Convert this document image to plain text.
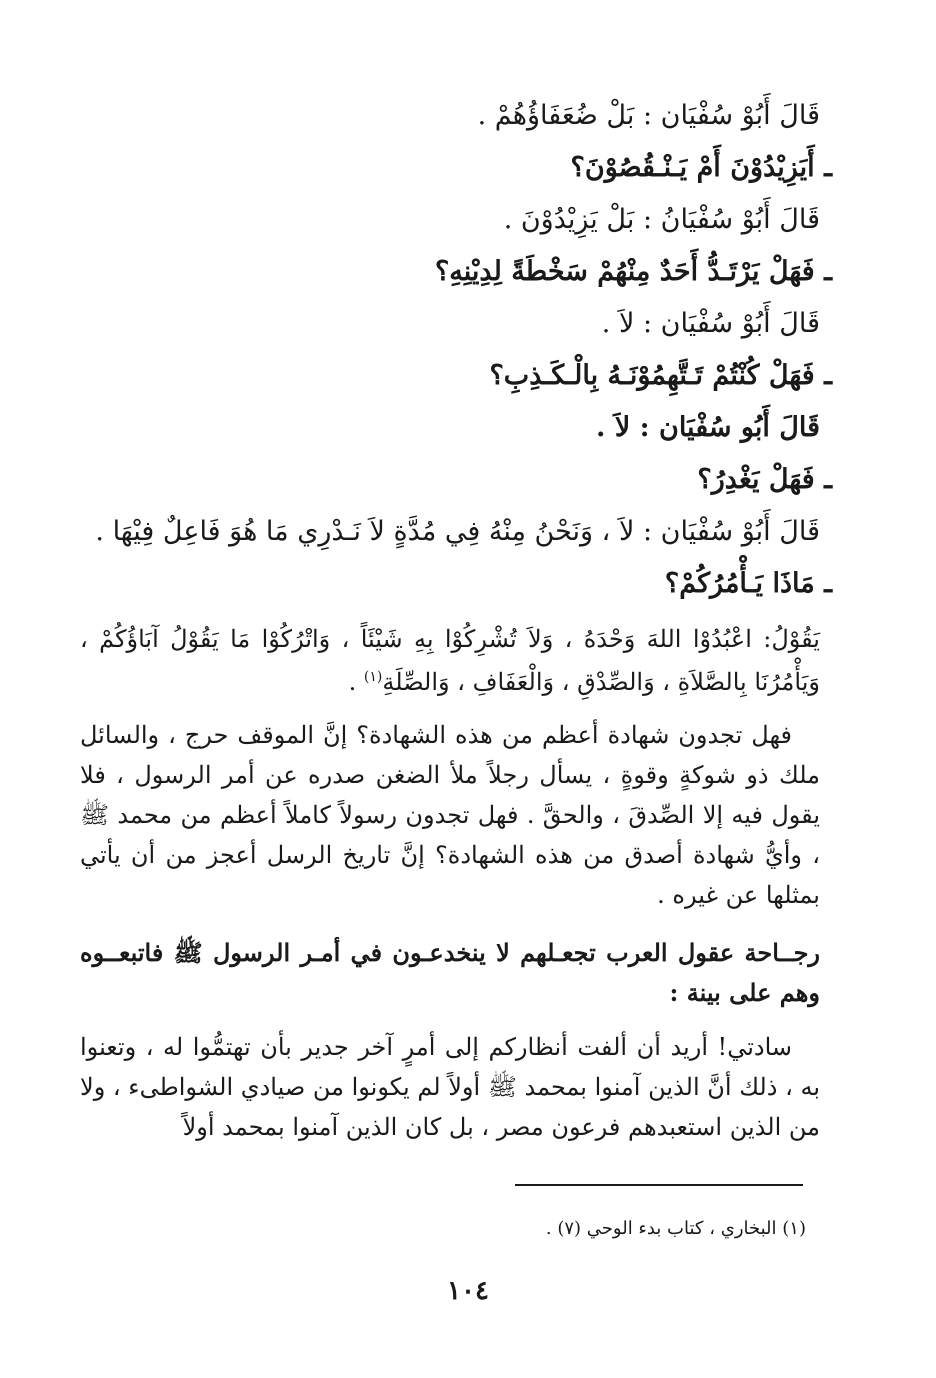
قَالَ أَبُوْ سُفْيَان : بَلْ ضُعَفَاؤُهُمْ .

ـ أَيَزِيْدُوْنَ أَمْ يَـنْـقُصُوْنَ؟

قَالَ أَبُوْ سُفْيَانُ : بَلْ يَزِيْدُوْنَ .

ـ فَهَلْ يَرْتَـدُّ أَحَدٌ مِنْهُمْ سَخْطَةً لِدِيْنِهِ؟

قَالَ أَبُوْ سُفْيَان : لاَ .

ـ فَهَلْ كُنْتُمْ تَـتَّهِمُوْنَـهُ بِالْـكَـذِبِ؟

قَالَ أَبُو سُفْيَان : لاَ .

ـ فَهَلْ يَغْدِرُ؟

قَالَ أَبُوْ سُفْيَان : لاَ ، وَنَحْنُ مِنْهُ فِي مُدَّةٍ لاَ نَـدْرِي مَا هُوَ فَاعِلٌ فِيْهَا .

ـ مَاذَا يَـأْمُرُكُمْ؟

يَقُوْلُ: اعْبُدُوْا اللهَ وَحْدَهُ ، وَلاَ تُشْرِكُوْا بِهِ شَيْئَاً ، وَاتْرُكُوْا مَا يَقُوْلُ آبَاؤُكُمْ ، وَيَأْمُرُنَا بِالصَّلاَةِ ، وَالصِّدْقِ ، وَالْعَفَافِ ، وَالصِّلَةِ$^{(١)}$ .

فهل تجدون شهادة أعظم من هذه الشهادة؟ إنَّ الموقف حرج ، والسائل ملك ذو شوكةٍ وقوةٍ ، يسأل رجلاً ملأ الضغن صدره عن أمر الرسول ، فلا يقول فيه إلا الصِّدقَ ، والحقَّ . فهل تجدون رسولاً كاملاً أعظم من محمد ﷺ ، وأيُّ شهادة أصدق من هذه الشهادة؟ إنَّ تاريخ الرسل أعجز من أن يأتي بمثلها عن غيره .

رجــاحة عقول العرب تجعـلهم لا ينخدعـون في أمـر الرسول ﷺ فاتبعــوه وهم على بينة :

سادتي! أريد أن ألفت أنظاركم إلى أمرٍ آخر جدير بأن تهتمُّوا له ، وتعنوا به ، ذلك أنَّ الذين آمنوا بمحمد ﷺ أولاً لم يكونوا من صيادي الشواطىء ، ولا من الذين استعبدهم فرعون مصر ، بل كان الذين آمنوا بمحمد أولاً

(١) البخاري ، كتاب بدء الوحي (٧) .
١٠٤
